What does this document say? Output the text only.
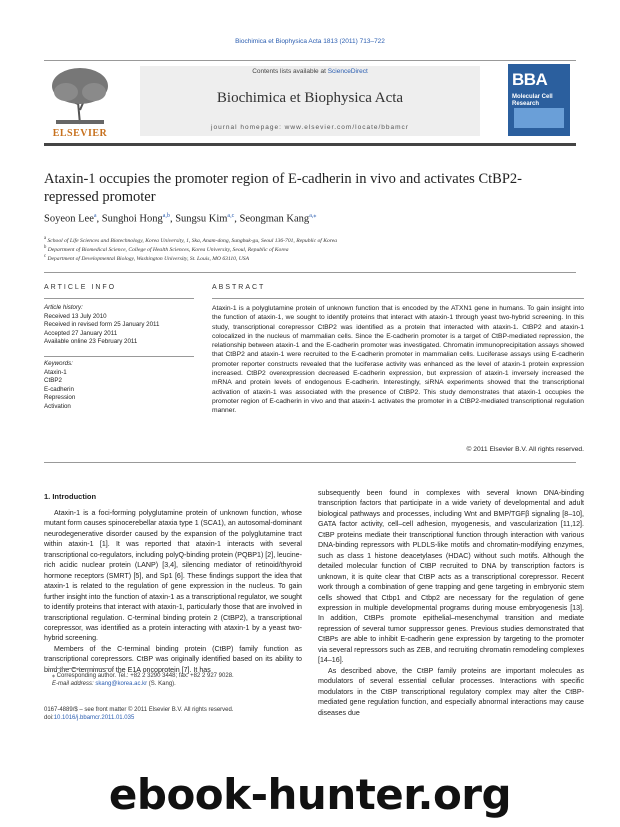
Biochimica et Biophysica Acta 1813 (2011) 713–722
ELSEVIER
Contents lists available at ScienceDirect
Biochimica et Biophysica Acta
journal homepage: www.elsevier.com/locate/bbamcr
BBA
Molecular Cell Research
Ataxin-1 occupies the promoter region of E-cadherin in vivo and activates CtBP2-repressed promoter
Soyeon Lee$^a$, Sunghoi Hong$^{a,b}$, Sungsu Kim$^{a,c}$, Seongman Kang$^{a,⁎}$
$^a$ School of Life Sciences and Biotechnology, Korea University, 1, Ska, Anam-dong, Sungbuk-gu, Seoul 136-701, Republic of Korea
$^b$ Department of Biomedical Science, College of Health Sciences, Korea University, Seoul, Republic of Korea
$^c$ Department of Developmental Biology, Washington University, St. Louis, MO 63110, USA
ARTICLE INFO	ABSTRACT
Article history:
Received 13 July 2010
Received in revised form 25 January 2011
Accepted 27 January 2011
Available online 23 February 2011
Keywords:
Ataxin-1
CtBP2
E-cadherin
Repression
Activation
Ataxin-1 is a polyglutamine protein of unknown function that is encoded by the ATXN1 gene in humans. To gain insight into the function of ataxin-1, we sought to identify proteins that interact with ataxin-1 through yeast two-hybrid screening. In this study, transcriptional corepressor CtBP2 was identified as a protein that interacted with ataxin-1. CtBP2 and ataxin-1 colocalized in the nucleus of mammalian cells. Since the E-cadherin promoter is a target of CtBP-mediated repression, the relationship between ataxin-1 and the E-cadherin promoter was investigated. Chromatin immunoprecipitation assays showed that CtBP2 and ataxin-1 were recruited to the E-cadherin promoter in mammalian cells. Luciferase assays using E-cadherin promoter reporter constructs revealed that the luciferase activity was enhanced as the level of ataxin-1 protein expression increased. CtBP2 overexpression decreased E-cadherin expression, but expression of ataxin-1 inversely increased the mRNA and protein levels of endogenous E-cadherin. Interestingly, siRNA experiments showed that the transcriptional activation of ataxin-1 was associated with the presence of CtBP2. This study demonstrates that ataxin-1 occupies the promoter region of E-cadherin in vivo and that ataxin-1 activates the promoter in a CtBP2-mediated transcriptional regulation manner.
© 2011 Elsevier B.V. All rights reserved.
1. Introduction

Ataxin-1 is a foci-forming polyglutamine protein of unknown function, whose mutant form causes spinocerebellar ataxia type 1 (SCA1), an autosomal-dominant neurodegenerative disorder caused by the expansion of the polyglutamine tract within ataxin-1 [1]. It was reported that ataxin-1 interacts with several transcriptional co-regulators, including polyQ-binding protein (PQBP1) [2], leucine-rich acidic nuclear protein (LANP) [3,4], silencing mediator of retinoid/thyroid hormone receptors (SMRT) [5], and Sp1 [6]. These findings support the idea that ataxin-1 is related to the regulation of gene expression in the nucleus. To gain further insight into the function of ataxin-1 as a transcriptional regulator, we sought to identify proteins that interact with ataxin-1, particularly those that are involved in transcriptional regulation. C-terminal binding protein 2 (CtBP2), a transcriptional corepressor, was identified as a protein interacting with ataxin-1 by a yeast two-hybrid screening.

Members of the C-terminal binding protein (CtBP) family function as transcriptional corepressors. CtBP was originally identified based on its ability to bind the C-terminus of the E1A oncoprotein [7]. It has

subsequently been found in complexes with several known DNA-binding transcription factors that participate in a wide variety of developmental and adult biological pathways and processes, including Wnt and BMP/TGFβ signaling [8–10], GATA factor activity, cell–cell adhesion, myogenesis, and vascularization [11,12]. CtBP proteins mediate their transcriptional function through interaction with various DNA-binding repressors with PLDLS-like motifs and chromatin-modifying enzymes, such as class 1 histone deacetylases (HDAC) without such motifs. Although the detailed molecular function of CtBP recruited to DNA by transcription factors is unknown, it is quite clear that CtBP acts as a transcriptional corepressor. Recent work through a combination of gene trapping and gene targeting in embryonic stem cells showed that Ctbp1 and Ctbp2 are necessary for the regulation of gene expression in multiple developmental programs during mouse embryogenesis [13]. In addition, CtBPs promote epithelial–mesenchymal transition and mediate repression of several tumor suppressor genes. Previous studies demonstrated that CtBPs are able to inhibit E-cadherin gene expression by targeting to the promoter via several repressors such as ZEB, and recruiting chromatin remodeling complexes [14–16].

As described above, the CtBP family proteins are important molecules as modulators of several essential cellular processes. Interactions with specific modulators in the CtBP transcriptional regulatory complex may alter the CtBP-mediated gene regulation function, and especially abnormal interactions may cause diseases due

⁎ Corresponding author. Tel.: +82 2 3290 3448; fax: +82 2 927 9028.
E-mail address: skang@korea.ac.kr (S. Kang).
0167-4889/$ – see front matter © 2011 Elsevier B.V. All rights reserved.
doi:10.1016/j.bbamcr.2011.01.035
ebook-hunter.org
